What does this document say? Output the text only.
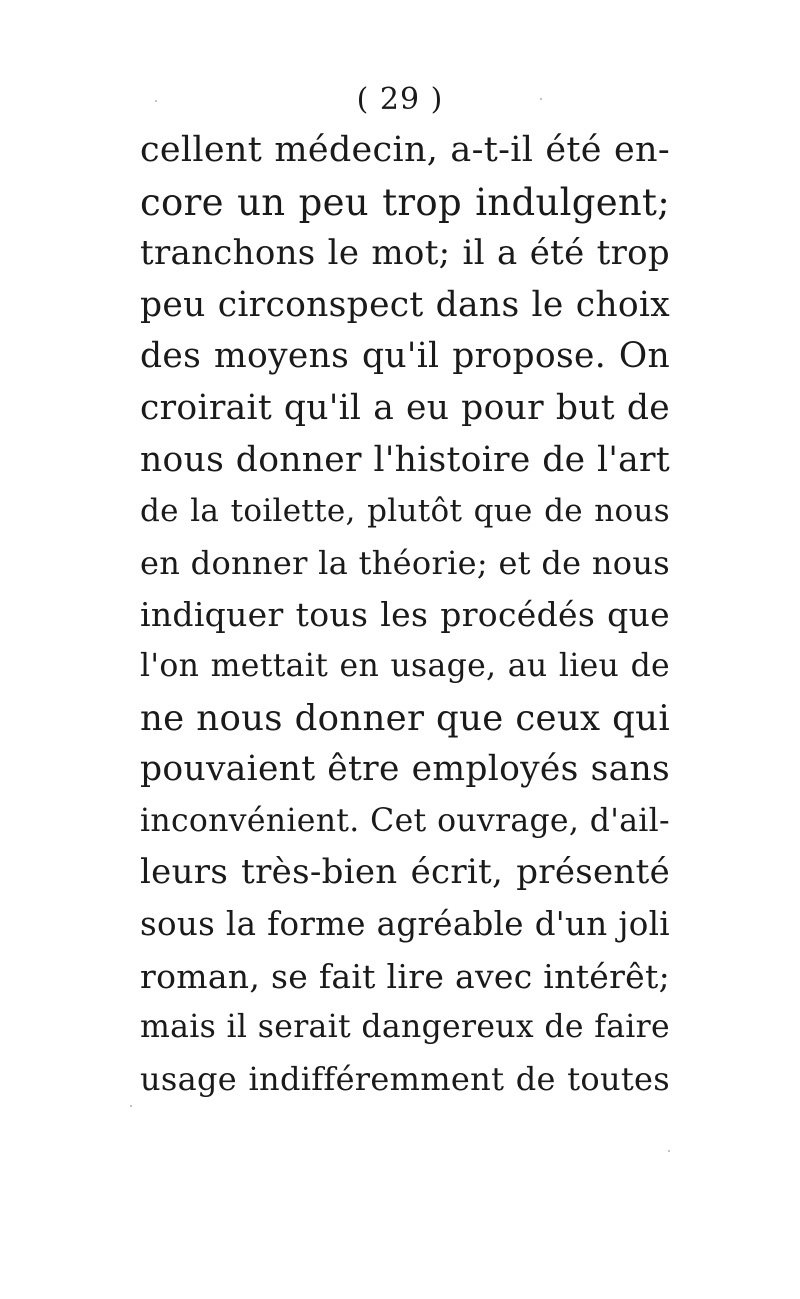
( 29 )
cellent médecin, a-t-il été en-
core un peu trop indulgent;
tranchons le mot; il a été trop
peu circonspect dans le choix
des moyens qu'il propose. On
croirait qu'il a eu pour but de
nous donner l'histoire de l'art
de la toilette, plutôt que de nous
en donner la théorie; et de nous
indiquer tous les procédés que
l'on mettait en usage, au lieu de
ne nous donner que ceux qui
pouvaient être employés sans
inconvénient. Cet ouvrage, d'ail-
leurs très-bien écrit, présenté
sous la forme agréable d'un joli
roman, se fait lire avec intérêt;
mais il serait dangereux de faire
usage indifféremment de toutes
